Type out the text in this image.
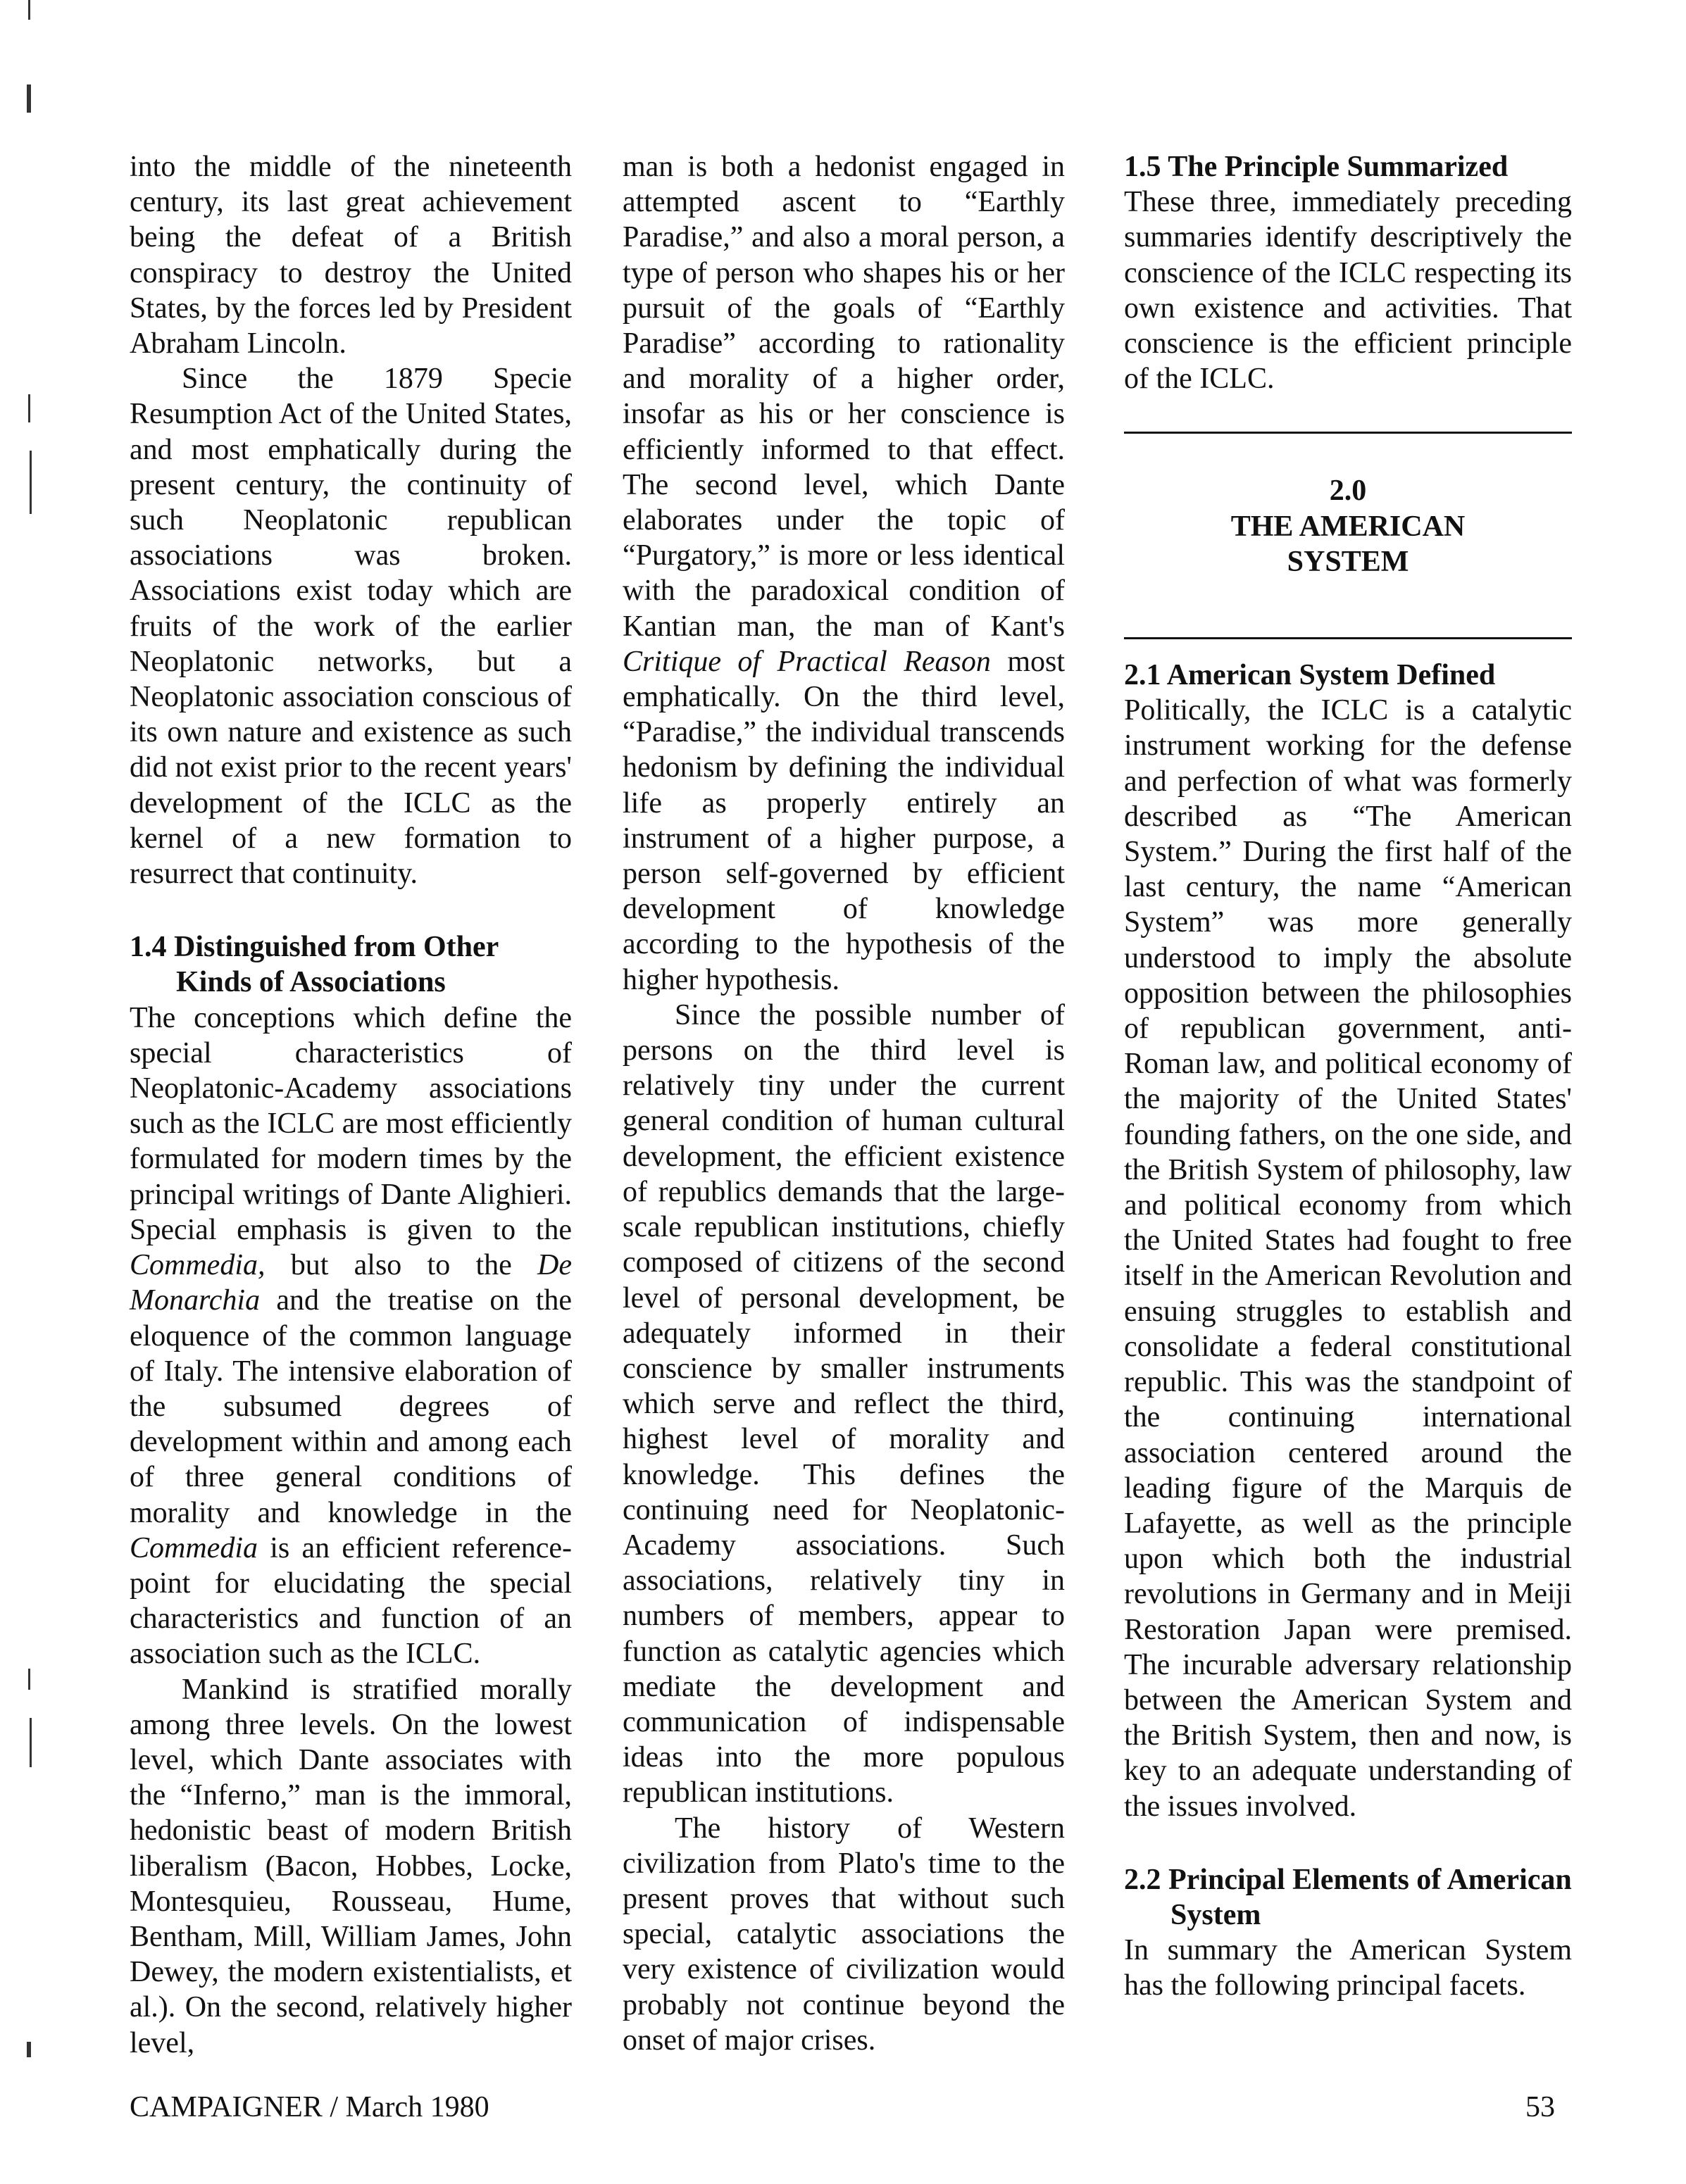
into the middle of the nineteenth century, its last great achievement being the defeat of a British conspiracy to destroy the United States, by the forces led by President Abraham Lincoln.

Since the 1879 Specie Resumption Act of the United States, and most emphatically during the present century, the continuity of such Neoplatonic republican associations was broken. Associations exist today which are fruits of the work of the earlier Neoplatonic networks, but a Neoplatonic association conscious of its own nature and existence as such did not exist prior to the recent years' development of the ICLC as the kernel of a new formation to resurrect that continuity.

1.4 Distinguished from Other Kinds of Associations

The conceptions which define the special characteristics of Neoplatonic-Academy associations such as the ICLC are most efficiently formulated for modern times by the principal writings of Dante Alighieri. Special emphasis is given to the Commedia, but also to the De Monarchia and the treatise on the eloquence of the common language of Italy. The intensive elaboration of the subsumed degrees of development within and among each of three general conditions of morality and knowledge in the Commedia is an efficient reference-point for elucidating the special characteristics and function of an association such as the ICLC.

Mankind is stratified morally among three levels. On the lowest level, which Dante associates with the “Inferno,” man is the immoral, hedonistic beast of modern British liberalism (Bacon, Hobbes, Locke, Montesquieu, Rousseau, Hume, Bentham, Mill, William James, John Dewey, the modern existentialists, et al.). On the second, relatively higher level,

man is both a hedonist engaged in attempted ascent to “Earthly Paradise,” and also a moral person, a type of person who shapes his or her pursuit of the goals of “Earthly Paradise” according to rationality and morality of a higher order, insofar as his or her conscience is efficiently informed to that effect. The second level, which Dante elaborates under the topic of “Purgatory,” is more or less identical with the paradoxical condition of Kantian man, the man of Kant's Critique of Practical Reason most emphatically. On the third level, “Paradise,” the individual transcends hedonism by defining the individual life as properly entirely an instrument of a higher purpose, a person self-governed by efficient development of knowledge according to the hypothesis of the higher hypothesis.

Since the possible number of persons on the third level is relatively tiny under the current general condition of human cultural development, the efficient existence of republics demands that the large-scale republican institutions, chiefly composed of citizens of the second level of personal development, be adequately informed in their conscience by smaller instruments which serve and reflect the third, highest level of morality and knowledge. This defines the continuing need for Neoplatonic-Academy associations. Such associations, relatively tiny in numbers of members, appear to function as catalytic agencies which mediate the development and communication of indispensable ideas into the more populous republican institutions.

The history of Western civilization from Plato's time to the present proves that without such special, catalytic associations the very existence of civilization would probably not continue beyond the onset of major crises.

1.5 The Principle Summarized

These three, immediately preceding summaries identify descriptively the conscience of the ICLC respecting its own existence and activities. That conscience is the efficient principle of the ICLC.

2.0
THE AMERICAN
SYSTEM
2.1 American System Defined

Politically, the ICLC is a catalytic instrument working for the defense and perfection of what was formerly described as “The American System.” During the first half of the last century, the name “American System” was more generally understood to imply the absolute opposition between the philosophies of republican government, anti-Roman law, and political economy of the majority of the United States' founding fathers, on the one side, and the British System of philosophy, law and political economy from which the United States had fought to free itself in the American Revolution and ensuing struggles to establish and consolidate a federal constitutional republic. This was the standpoint of the continuing international association centered around the leading figure of the Marquis de Lafayette, as well as the principle upon which both the industrial revolutions in Germany and in Meiji Restoration Japan were premised. The incurable adversary relationship between the American System and the British System, then and now, is key to an adequate understanding of the issues involved.

2.2 Principal Elements of American System

In summary the American System has the following principal facets.

CAMPAIGNER / March 1980	53
